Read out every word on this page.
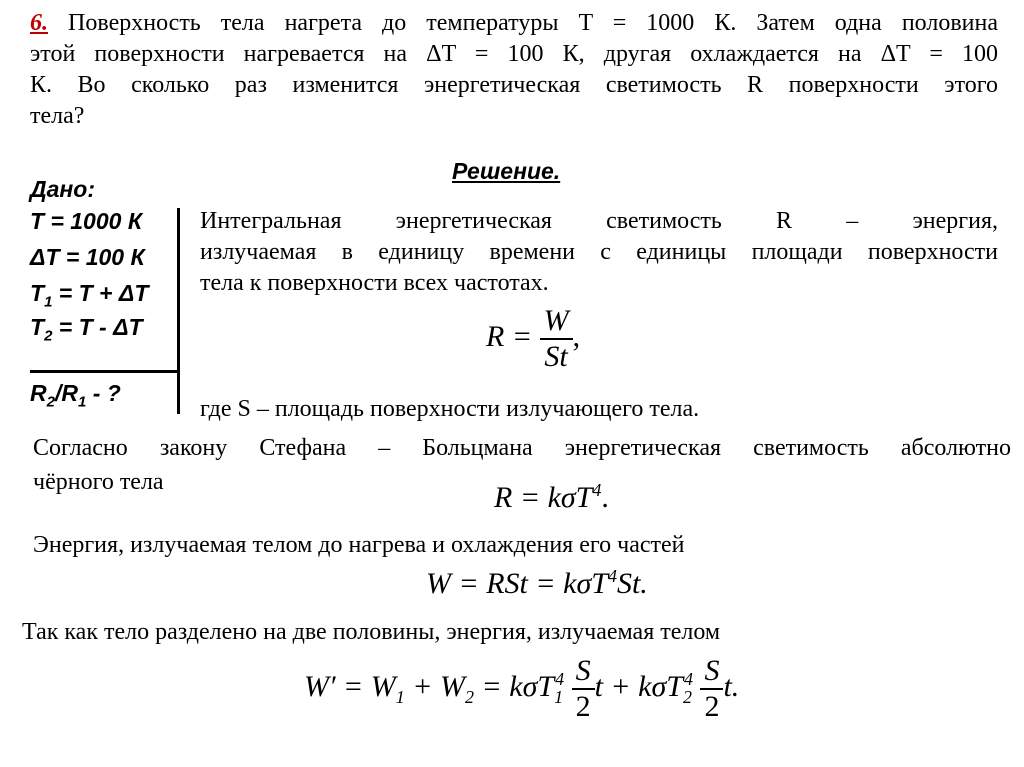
6. Поверхность тела нагрета до температуры T = 1000 К. Затем одна половина
этой поверхности нагревается на ΔT = 100 К, другая охлаждается на ΔT = 100
К. Во сколько раз изменится энергетическая светимость R поверхности этого
тела?
Дано:
T = 1000 К
ΔT = 100 К
$T_1 = T + \Delta T$
$T_2 = T - \Delta T$
$R_2/R_1$ - ?
Решение.
Интегральная энергетическая светимость R – энергия,
излучаемая в единицу времени с единицы площади поверхности
тела к поверхности всех частотах.
$R = \frac{W}{St}$ ,
где S – площадь поверхности излучающего тела.
Согласно закону Стефана – Больцмана энергетическая светимость абсолютно
чёрного тела	R = kσT$^4$.
Энергия, излучаемая телом до нагрева и охлаждения его частей
W = RSt = kσT$^4$St.
Так как тело разделено на две половины, энергия, излучаемая телом
$W' = W_1 + W_2 = k\sigma T_1^4 \frac{S}{2}$ $t + k\sigma T_2^4 \frac{S}{2} t$.
